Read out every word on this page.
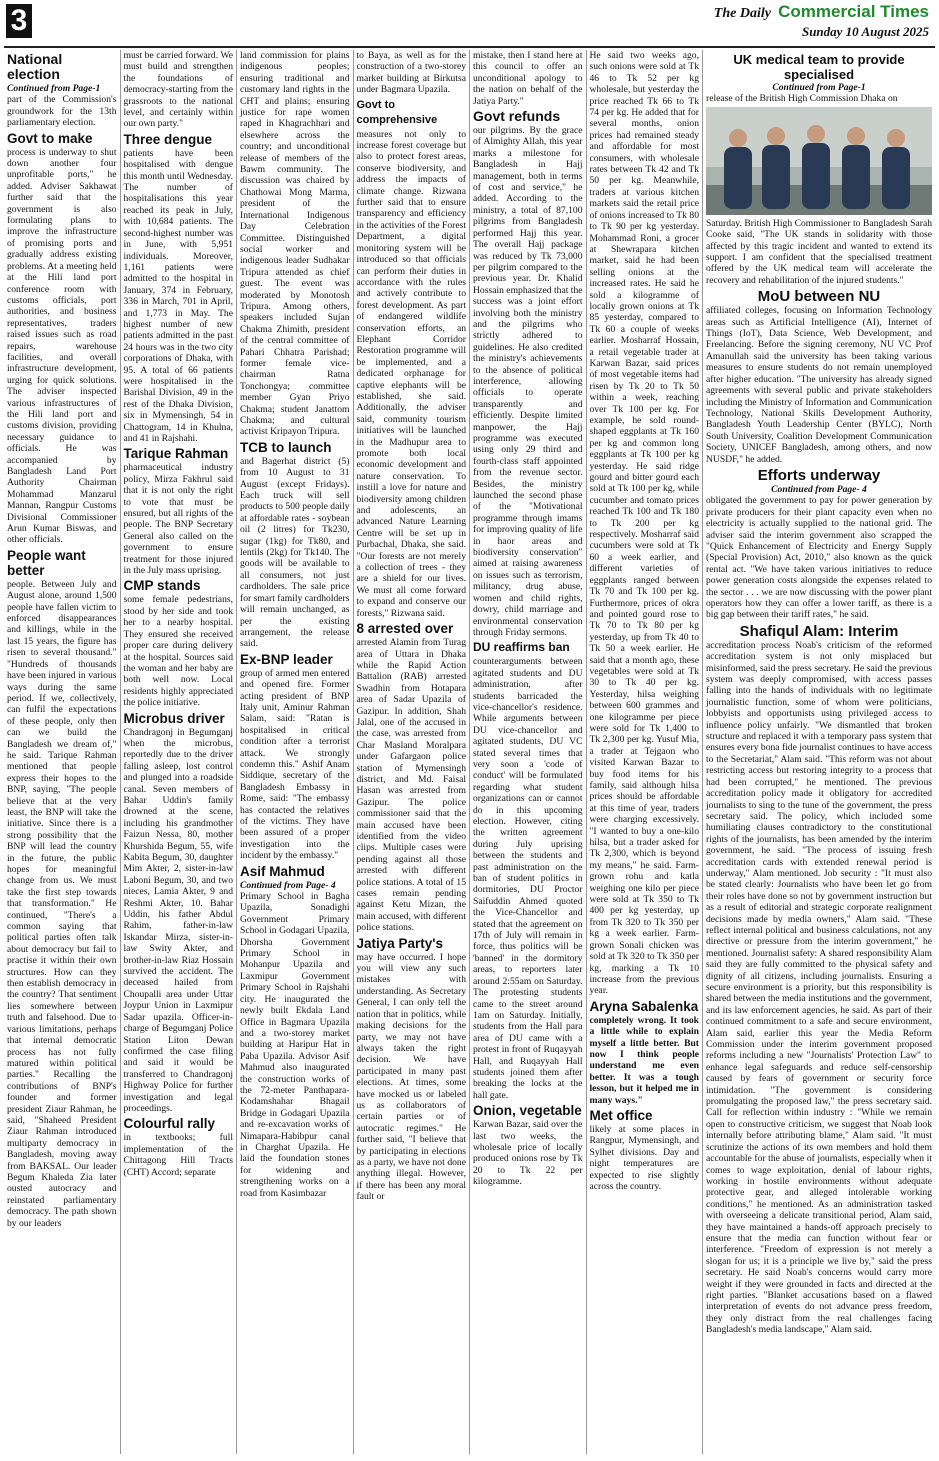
3	The Daily Commercial Times
Sunday 10 August 2025
National election
Continued from Page-1

part of the Commission's groundwork for the 13th parliamentary election.

Govt to make

process is underway to shut down another four unprofitable ports," he added. Adviser Sakhawat further said that the government is also formulating plans to improve the infrastructure of promising ports and gradually address existing problems. At a meeting held at the Hili land port conference room with customs officials, port authorities, and business representatives, traders raised issues such as road repairs, warehouse facilities, and overall infrastructure development, urging for quick solutions. The adviser inspected various infrastructures of the Hili land port and customs division, providing necessary guidance to officials. He was accompanied by Bangladesh Land Port Authority Chairman Mohammad Manzarul Mannan, Rangpur Customs Divisional Commissioner Arun Kumar Biswas, and other officials.

People want better

people. Between July and August alone, around 1,500 people have fallen victim to enforced disappearances and killings, while in the last 15 years, the figure has risen to several thousand." "Hundreds of thousands have been injured in various ways during the same period. If we, collectively, can fulfil the expectations of these people, only then can we build the Bangladesh we dream of," he said. Tarique Rahman mentioned that people express their hopes to the BNP, saying, "The people believe that at the very least, the BNP will take the initiative. Since there is a strong possibility that the BNP will lead the country in the future, the public hopes for meaningful change from us. We must take the first step towards that transformation." He continued, "There's a common saying that political parties often talk about democracy but fail to practise it within their own structures. How can they then establish democracy in the country? That sentiment lies somewhere between truth and falsehood. Due to various limitations, perhaps that internal democratic process has not fully matured within political parties." Recalling the contributions of BNP's founder and former president Ziaur Rahman, he said, "Shaheed President Ziaur Rahman introduced multiparty democracy in Bangladesh, moving away from BAKSAL. Our leader Begum Khaleda Zia later ousted autocracy and reinstated parliamentary democracy. The path shown by our leaders

must be carried forward. We must build and strengthen the foundations of democracy-starting from the grassroots to the national level, and certainly within our own party."

Three dengue

patients have been hospitalised with dengue this month until Wednesday. The number of hospitalisations this year reached its peak in July, with 10,684 patients. The second-highest number was in June, with 5,951 individuals. Moreover, 1,161 patients were admitted to the hospital in January, 374 in February, 336 in March, 701 in April, and 1,773 in May. The highest number of new patients admitted in the past 24 hours was in the two city corporations of Dhaka, with 95. A total of 66 patients were hospitalised in the Barishal Division, 49 in the rest of the Dhaka Division, six in Mymensingh, 54 in Chattogram, 14 in Khulna, and 41 in Rajshahi.

Tarique Rahman

pharmaceutical industry policy, Mirza Fakhrul said that it is not only the right to vote that must be ensured, but all rights of the people. The BNP Secretary General also called on the government to ensure treatment for those injured in the July mass uprising.

CMP stands

some female pedestrians, stood by her side and took her to a nearby hospital. They ensured she received proper care during delivery at the hospital. Sources said the woman and her baby are both well now. Local residents highly appreciated the police initiative.

Microbus driver

Chandragonj in Begumganj when the microbus, reportedly due to the driver falling asleep, lost control and plunged into a roadside canal. Seven members of Bahar Uddin's family drowned at the scene, including his grandmother Faizun Nessa, 80, mother Khurshida Begum, 55, wife Kabita Begum, 30, daughter Mim Akter, 2, sister-in-law Laboni Begum, 30, and two nieces, Lamia Akter, 9 and Reshmi Akter, 10. Bahar Uddin, his father Abdul Rahim, father-in-law Iskandar Mirza, sister-in-law Swity Akter, and brother-in-law Riaz Hossain survived the accident. The deceased hailed from Choupalli area under Uttar Joypur Union in Laxmipur Sadar upazila. Officer-in-charge of Begumganj Police Station Liton Dewan confirmed the case filing and said it would be transferred to Chandragonj Highway Police for further investigation and legal proceedings.

Colourful rally

in textbooks; full implementation of the Chittagong Hill Tracts (CHT) Accord; separate

land commission for plains indigenous peoples; ensuring traditional and customary land rights in the CHT and plains; ensuring justice for rape women raped in Khagrachhari and elsewhere across the country; and unconditional release of members of the Bawm community. The discussion was chaired by Chathowai Mong Marma, president of the International Indigenous Day Celebration Committee. Distinguished social worker and indigenous leader Sudhakar Tripura attended as chief guest. The event was moderated by Monotosh Tripura. Among others, speakers included Sujan Chakma Zhimith, president of the central committee of Pahari Chhatra Parishad; former female vice-chairman Ratna Tonchongya; committee member Gyan Priyo Chakma; student Janattom Chakma; and cultural activist Kripayon Tripura.

TCB to launch

and Bagerhat district (5) from 10 August to 31 August (except Fridays). Each truck will sell products to 500 people daily at affordable rates - soybean oil (2 litres) for Tk230, sugar (1kg) for Tk80, and lentils (2kg) for Tk140. The goods will be available to all consumers, not just cardholders. The sale price for smart family cardholders will remain unchanged, as per the existing arrangement, the release said.

Ex-BNP leader

group of armed men entered and opened fire. Former acting president of BNP Italy unit, Aminur Rahman Salam, said: "Ratan is hospitalised in critical condition after a terrorist attack. We strongly condemn this." Ashif Anam Siddique, secretary of the Bangladesh Embassy in Rome, said: "The embassy has contacted the relatives of the victims. They have been assured of a proper investigation into the incident by the embassy."

Asif Mahmud
Continued from Page- 4

Primary School in Bagha Upazila, Sonadighi Government Primary School in Godagari Upazila, Dhorsha Government Primary School in Mohanpur Upazila and Laxmipur Government Primary School in Rajshahi city. He inaugurated the newly built Ekdala Land Office in Bagmara Upazila and a two-storey market building at Haripur Hat in Paba Upazila. Advisor Asif Mahmud also inaugurated the construction works of the 72-meter Panthapara-Kodamshahar Bhagail Bridge in Godagari Upazila and re-excavation works of Nimapara-Habibpur canal in Charghat Upazila. He laid the foundation stones for widening and strengthening works on a road from Kasimbazar

to Baya, as well as for the construction of a two-storey market building at Birkutsa under Bagmara Upazila.

Govt to comprehensive

measures not only to increase forest coverage but also to protect forest areas, conserve biodiversity, and address the impacts of climate change. Rizwana further said that to ensure transparency and efficiency in the activities of the Forest Department, a digital monitoring system will be introduced so that officials can perform their duties in accordance with the rules and actively contribute to forest development. As part of endangered wildlife conservation efforts, an Elephant Corridor Restoration programme will be implemented, and a dedicated orphanage for captive elephants will be established, she said. Additionally, the adviser said, community tourism initiatives will be launched in the Madhupur area to promote both local economic development and nature conservation. To instill a love for nature and biodiversity among children and adolescents, an advanced Nature Learning Centre will be set up in Purbachal, Dhaka, she said. "Our forests are not merely a collection of trees - they are a shield for our lives. We must all come forward to expand and conserve our forests," Rizwana said.

8 arrested over

arrested Alamin from Turag area of Uttara in Dhaka while the Rapid Action Battalion (RAB) arrested Swadhin from Hotapara area of Sadar Upazila of Gazipur. In addition, Shah Jalal, one of the accused in the case, was arrested from Char Masland Moralpara under Gafargaon police station of Mymensingh district, and Md. Faisal Hasan was arrested from Gazipur. The police commissioner said that the main accused have been identified from the video clips. Multiple cases were pending against all those arrested with different police stations. A total of 15 cases remain pending against Ketu Mizan, the main accused, with different police stations.

Jatiya Party's

may have occurred. I hope you will view any such mistakes with understanding. As Secretary General, I can only tell the nation that in politics, while making decisions for the party, we may not have always taken the right decision. We have participated in many past elections. At times, some have mocked us or labeled us as collaborators of certain parties or of autocratic regimes." He further said, "I believe that by participating in elections as a party, we have not done anything illegal. However, if there has been any moral fault or

mistake, then I stand here at this council to offer an unconditional apology to the nation on behalf of the Jatiya Party."

Govt refunds

our pilgrims. By the grace of Almighty Allah, this year marks a milestone for Bangladesh in Hajj management, both in terms of cost and service," he added. According to the ministry, a total of 87,100 pilgrims from Bangladesh performed Hajj this year. The overall Hajj package was reduced by Tk 73,000 per pilgrim compared to the previous year. Dr. Khalid Hossain emphasized that the success was a joint effort involving both the ministry and the pilgrims who strictly adhered to guidelines. He also credited the ministry's achievements to the absence of political interference, allowing officials to operate transparently and efficiently. Despite limited manpower, the Hajj programme was executed using only 29 third and fourth-class staff appointed from the revenue sector. Besides, the ministry launched the second phase of the "Motivational programme through imams for improving quality of life in haor areas and biodiversity conservation" aimed at raising awareness on issues such as terrorism, militancy, drug abuse, women and child rights, dowry, child marriage and environmental conservation through Friday sermons.

DU reaffirms ban

counterarguments between agitated students and DU administration, after students barricaded the vice-chancellor's residence. While arguments between DU vice-chancellor and agitated students, DU VC stated several times that very soon a 'code of conduct' will be formulated regarding what student organizations can or cannot do in this upcoming election. However, citing the written agreement during July uprising between the students and past administration on the ban of student politics in dormitories, DU Proctor Saifuddin Ahmed quoted the Vice-Chancellor and stated that the agreement on 17th of July will remain in force, thus politics will be 'banned' in the dormitory areas, to reporters later around 2:55am on Saturday. The protesting students came to the street around 1am on Saturday. Initially, students from the Hall para area of DU came with a protest in front of Ruqayyah Hall, and Ruqayyah Hall students joined them after breaking the locks at the hall gate.

Onion, vegetable

Karwan Bazar, said over the last two weeks, the wholesale price of locally produced onions rose by Tk 20 to Tk 22 per kilogramme.

He said two weeks ago, such onions were sold at Tk 46 to Tk 52 per kg wholesale, but yesterday the price reached Tk 66 to Tk 74 per kg. He added that for several months, onion prices had remained steady and affordable for most consumers, with wholesale rates between Tk 42 and Tk 50 per kg. Meanwhile, traders at various kitchen markets said the retail price of onions increased to Tk 80 to Tk 90 per kg yesterday. Mohammad Roni, a grocer at Shewrapara kitchen market, said he had been selling onions at the increased rates. He said he sold a kilogramme of locally grown onions at Tk 85 yesterday, compared to Tk 60 a couple of weeks earlier. Mosharraf Hossain, a retail vegetable trader at Karwan Bazar, said prices of most vegetable items had risen by Tk 20 to Tk 50 within a week, reaching over Tk 100 per kg. For example, he sold round-shaped eggplants at Tk 160 per kg and common long eggplants at Tk 100 per kg yesterday. He said ridge gourd and bitter gourd each sold at Tk 100 per kg, while cucumber and tomato prices reached Tk 100 and Tk 180 to Tk 200 per kg respectively. Mosharraf said cucumbers were sold at Tk 60 a week earlier, and different varieties of eggplants ranged between Tk 70 and Tk 100 per kg. Furthermore, prices of okra and pointed gourd rose to Tk 70 to Tk 80 per kg yesterday, up from Tk 40 to Tk 50 a week earlier. He said that a month ago, these vegetables were sold at Tk 30 to Tk 40 per kg. Yesterday, hilsa weighing between 600 grammes and one kilogramme per piece were sold for Tk 1,400 to Tk 2,300 per kg. Yusuf Mia, a trader at Tejgaon who visited Karwan Bazar to buy food items for his family, said although hilsa prices should be affordable at this time of year, traders were charging excessively. "I wanted to buy a one-kilo hilsa, but a trader asked for Tk 2,300, which is beyond my means," he said. Farm-grown rohu and katla weighing one kilo per piece were sold at Tk 350 to Tk 400 per kg yesterday, up from Tk 320 to Tk 350 per kg a week earlier. Farm-grown Sonali chicken was sold at Tk 320 to Tk 350 per kg, marking a Tk 10 increase from the previous year.

Aryna Sabalenka

completely wrong. It took a little while to explain myself a little better. But now I think people understand me even better. It was a tough lesson, but it helped me in many ways."

Met office

likely at some places in Rangpur, Mymensingh, and Sylhet divisions. Day and night temperatures are expected to rise slightly across the country.

UK medical team to provide specialised
Continued from Page-1

release of the British High Commission Dhaka on

Saturday. British High Commissioner to Bangladesh Sarah Cooke said, "The UK stands in solidarity with those affected by this tragic incident and wanted to extend its support. I am confident that the specialised treatment offered by the UK medical team will accelerate the recovery and rehabilitation of the injured students."

MoU between NU

affiliated colleges, focusing on Information Technology areas such as Artificial Intelligence (AI), Internet of Things (IoT), Data Science, Web Development, and Freelancing. Before the signing ceremony, NU VC Prof Amanullah said the university has been taking various measures to ensure students do not remain unemployed after higher education. "The university has already signed agreements with several public and private stakeholders including the Ministry of Information and Communication Technology, National Skills Development Authority, Bangladesh Youth Leadership Center (BYLC), North South University, Coalition Development Communication Society, UNICEF Bangladesh, among others, and now NUSDF," he added.

Efforts underway
Continued from Page- 4

obligated the government to pay for power generation by private producers for their plant capacity even when no electricity is actually supplied to the national grid. The adviser said the interim government also scrapped the "Quick Enhancement of Electricity and Energy Supply (Special Provision) Act, 2010," also known as the quick rental act. "We have taken various initiatives to reduce power generation costs alongside the expenses related to the sector . . . we are now discussing with the power plant operators how they can offer a lower tariff, as there is a big gap between their tariff rates," he said.

Shafiqul Alam: Interim

accreditation process Noab's criticism of the reformed accreditation system is not only misplaced but misinformed, said the press secretary. He said the previous system was deeply compromised, with access passes falling into the hands of individuals with no legitimate journalistic function, some of whom were politicians, lobbyists and opportunists using privileged access to influence policy unfairly. "We dismantled that broken structure and replaced it with a temporary pass system that ensures every bona fide journalist continues to have access to the Secretariat," Alam said. "This reform was not about restricting access but restoring integrity to a process that had been corrupted," he mentioned. The previous accreditation policy made it obligatory for accredited journalists to sing to the tune of the government, the press secretary said. The policy, which included some humiliating clauses contradictory to the constitutional rights of the journalists, has been amended by the interim government, he said. "The process of issuing fresh accreditation cards with extended renewal period is underway," Alam mentioned. Job security : "It must also be stated clearly: Journalists who have been let go from their roles have done so not by government instruction but as a result of editorial and strategic corporate realignment decisions made by media owners," Alam said. "These reflect internal political and business calculations, not any directive or pressure from the interim government," he mentioned. Journalist safety: A shared responsibility Alam said they are fully committed to the physical safety and dignity of all citizens, including journalists. Ensuring a secure environment is a priority, but this responsibility is shared between the media institutions and the government, and its law enforcement agencies, he said. As part of their continued commitment to a safe and secure environment, Alam said, earlier this year the Media Reform Commission under the interim government proposed reforms including a new "Journalists' Protection Law" to enhance legal safeguards and reduce self-censorship caused by fears of government or security force intimidation. "The government is considering promulgating the proposed law," the press secretary said. Call for reflection within industry : "While we remain open to constructive criticism, we suggest that Noab look internally before attributing blame," Alam said. "It must scrutinize the actions of its own members and hold them accountable for the abuse of journalists, especially when it comes to wage exploitation, denial of labour rights, working in hostile environments without adequate protective gear, and alleged intolerable working conditions," he mentioned. As an administration tasked with overseeing a delicate transitional period, Alam said, they have maintained a hands-off approach precisely to ensure that the media can function without fear or interference. "Freedom of expression is not merely a slogan for us; it is a principle we live by," said the press secretary. He said Noab's concerns would carry more weight if they were grounded in facts and directed at the right parties. "Blanket accusations based on a flawed interpretation of events do not advance press freedom, they only distract from the real challenges facing Bangladesh's media landscape," Alam said.
